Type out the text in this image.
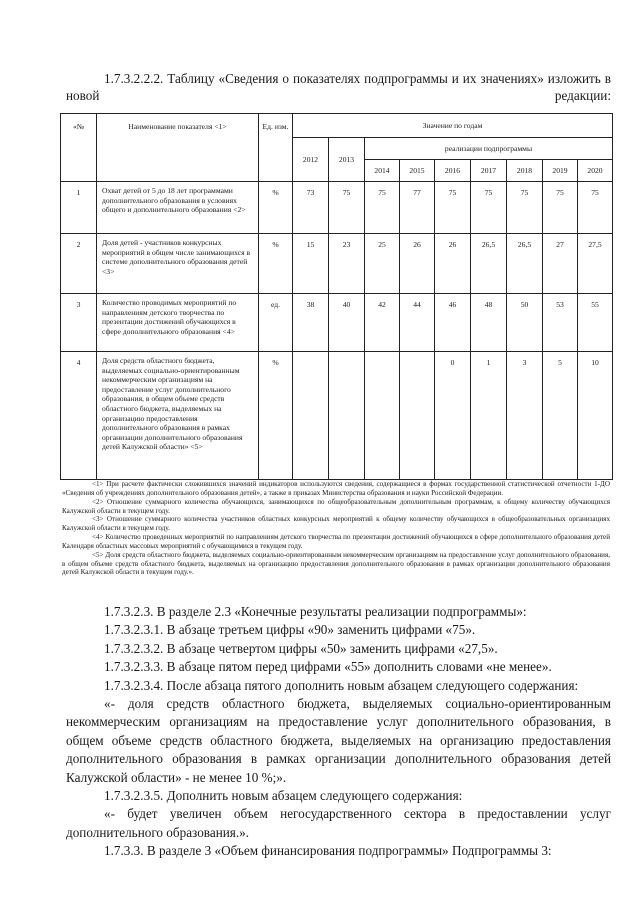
1.7.3.2.2.2. Таблицу «Сведения о показателях подпрограммы и их значениях» изложить в новой редакции:

«№	Наименование показателя <1>	Ед. изм.	Значение по годам								
			2012	2013	реализации подпрограммы						
					2014	2015	2016	2017	2018	2019	2020
1	Охват детей от 5 до 18 лет программами дополнительного образования в условиях общего и дополнительного образования <2>	%	73	75	75	77	75	75	75	75	75
2	Доля детей - участников конкурсных мероприятий в общем числе занимающихся в системе дополнительного образования детей <3>	%	15	23	25	26	26	26,5	26,5	27	27,5
3	Количество проводимых мероприятий по направлениям детского творчества по презентации достижений обучающихся в сфере дополнительного образования <4>	ед.	38	40	42	44	46	48	50	53	55
4	Доля средств областного бюджета, выделяемых социально-ориентированным некоммерческим организациям на предоставление услуг дополнительного образования, в общем объеме средств областного бюджета, выделяемых на организацию предоставления дополнительного образования в рамках организации дополнительного образования детей Калужской области» <5>	%					0	1	3	5	10

<1> При расчете фактически сложившихся значений индикаторов используются сведения, содержащиеся в формах государственной статистической отчетности 1-ДО «Сведения об учреждениях дополнительного образования детей», а также в приказах Министерства образования и науки Российской Федерации.

<2> Отношение суммарного количества обучающихся, занимающихся по общеобразовательным дополнительным программам, к общему количеству обучающихся Калужской области в текущем году.

<3> Отношение суммарного количества участников областных конкурсных мероприятий к общему количеству обучающихся в общеобразовательных организациях Калужской области в текущем году.

<4> Количество проведенных мероприятий по направлениям детского творчества по презентации достижений обучающихся в сфере дополнительного образования детей Календаря областных массовых мероприятий с обучающимися в текущем году.

<5> Доля средств областного бюджета, выделяемых социально-ориентированным некоммерческим организациям на предоставление услуг дополнительного образования, в общем объеме средств областного бюджета, выделяемых на организацию предоставления дополнительного образования в рамках организации дополнительного образования детей Калужской области в текущем году.».

1.7.3.2.3. В разделе 2.3 «Конечные результаты реализации подпрограммы»:

1.7.3.2.3.1. В абзаце третьем цифры «90» заменить цифрами «75».

1.7.3.2.3.2. В абзаце четвертом цифры «50» заменить цифрами «27,5».

1.7.3.2.3.3. В абзаце пятом перед цифрами «55» дополнить словами «не менее».

1.7.3.2.3.4. После абзаца пятого дополнить новым абзацем следующего содержания:

«- доля средств областного бюджета, выделяемых социально-ориентированным некоммерческим организациям на предоставление услуг дополнительного образования, в общем объеме средств областного бюджета, выделяемых на организацию предоставления дополнительного образования в рамках организации дополнительного образования детей Калужской области» - не менее 10 %;».

1.7.3.2.3.5. Дополнить новым абзацем следующего содержания:

«- будет увеличен объем негосударственного сектора в предоставлении услуг дополнительного образования.».

1.7.3.3. В разделе 3 «Объем финансирования подпрограммы» Подпрограммы 3:
